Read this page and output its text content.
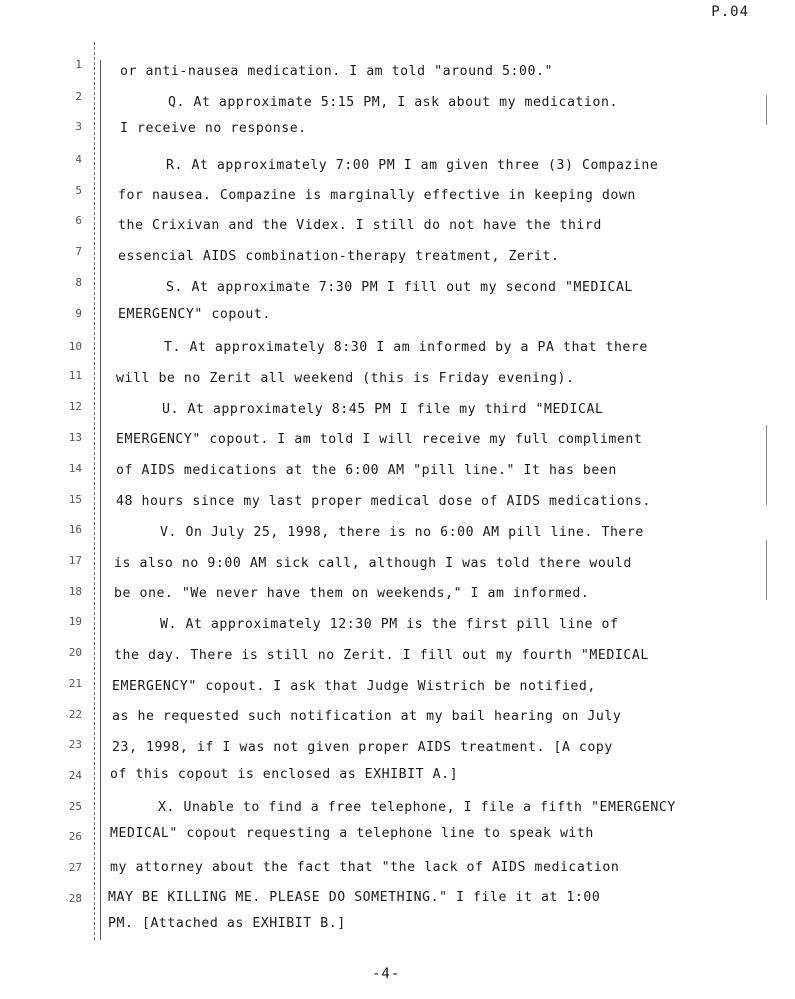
P.04
1
2
3
4
5
6
7
8
9
10
11
12
13
14
15
16
17
18
19
20
21
22
23
24
25
26
27
28
or anti-nausea medication. I am told "around 5:00."
Q. At approximate 5:15 PM, I ask about my medication.
I receive no response.
R. At approximately 7:00 PM I am given three (3) Compazine
for nausea. Compazine is marginally effective in keeping down
the Crixivan and the Videx. I still do not have the third
essencial AIDS combination-therapy treatment, Zerit.
S. At approximate 7:30 PM I fill out my second "MEDICAL
EMERGENCY" copout.
T. At approximately 8:30 I am informed by a PA that there
will be no Zerit all weekend (this is Friday evening).
U. At approximately 8:45 PM I file my third "MEDICAL
EMERGENCY" copout. I am told I will receive my full compliment
of AIDS medications at the 6:00 AM "pill line." It has been
48 hours since my last proper medical dose of AIDS medications.
V. On July 25, 1998, there is no 6:00 AM pill line. There
is also no 9:00 AM sick call, although I was told there would
be one. "We never have them on weekends," I am informed.
W. At approximately 12:30 PM is the first pill line of
the day. There is still no Zerit. I fill out my fourth "MEDICAL
EMERGENCY" copout. I ask that Judge Wistrich be notified,
as he requested such notification at my bail hearing on July
23, 1998, if I was not given proper AIDS treatment. [A copy
of this copout is enclosed as EXHIBIT A.]
X. Unable to find a free telephone, I file a fifth "EMERGENCY
MEDICAL" copout requesting a telephone line to speak with
my attorney about the fact that "the lack of AIDS medication
MAY BE KILLING ME. PLEASE DO SOMETHING." I file it at 1:00
PM. [Attached as EXHIBIT B.]
-4-
